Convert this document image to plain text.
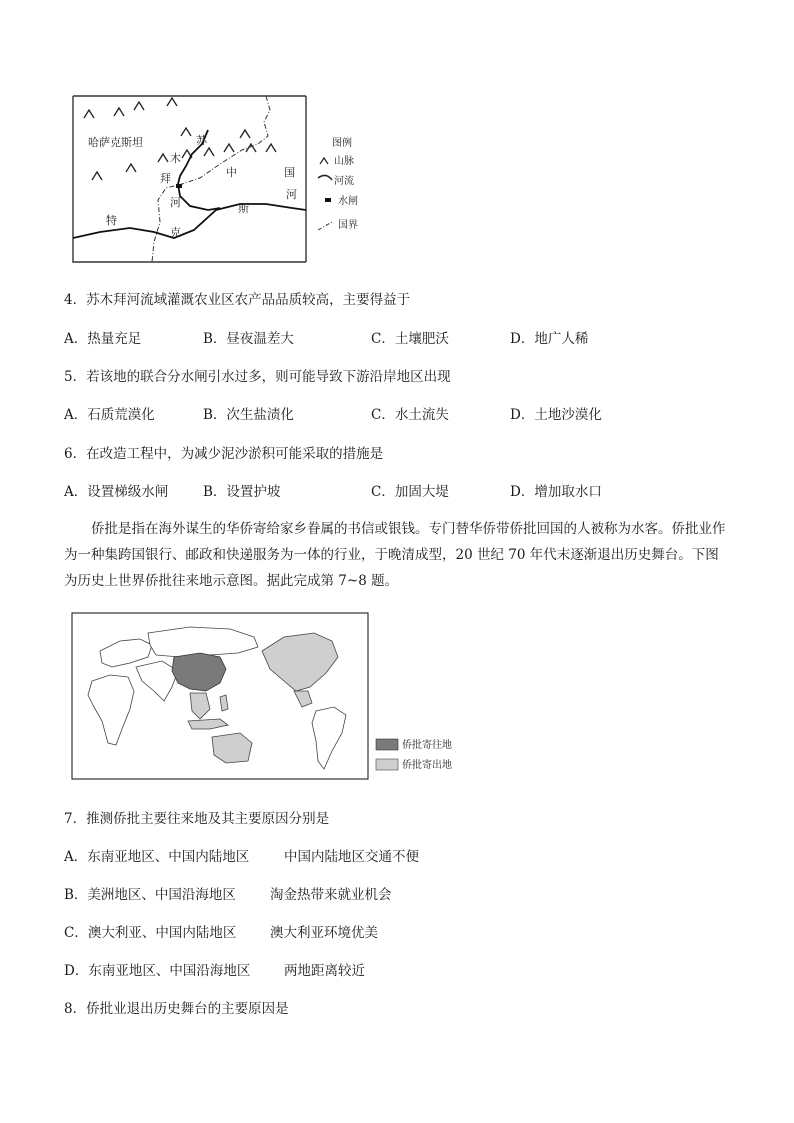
哈萨克斯坦	苏
木
拜
河
特
克
斯
中	国
河
图例
山脉
河流
水闸
国界
4．苏木拜河流域灌溉农业区农产品品质较高，主要得益于
A．热量充足	B．昼夜温差大	C．土壤肥沃	D．地广人稀
5．若该地的联合分水闸引水过多，则可能导致下游沿岸地区出现
A．石质荒漠化	B．次生盐渍化	C．水土流失	D．土地沙漠化
6．在改造工程中，为减少泥沙淤积可能采取的措施是
A．设置梯级水闸	B．设置护坡	C．加固大堤	D．增加取水口
侨批是指在海外谋生的华侨寄给家乡眷属的书信或银钱。专门替华侨带侨批回国的人被称为水客。侨批业作为一种集跨国银行、邮政和快递服务为一体的行业，于晚清成型，20 世纪 70 年代末逐渐退出历史舞台。下图为历史上世界侨批往来地示意图。据此完成第 7~8 题。
侨批寄往地
侨批寄出地
7．推测侨批主要往来地及其主要原因分别是
A．东南亚地区、中国内陆地区	中国内陆地区交通不便
B．美洲地区、中国沿海地区	淘金热带来就业机会
C．澳大利亚、中国内陆地区 澳大利亚环境优美
D．东南亚地区、中国沿海地区 两地距离较近
8．侨批业退出历史舞台的主要原因是
